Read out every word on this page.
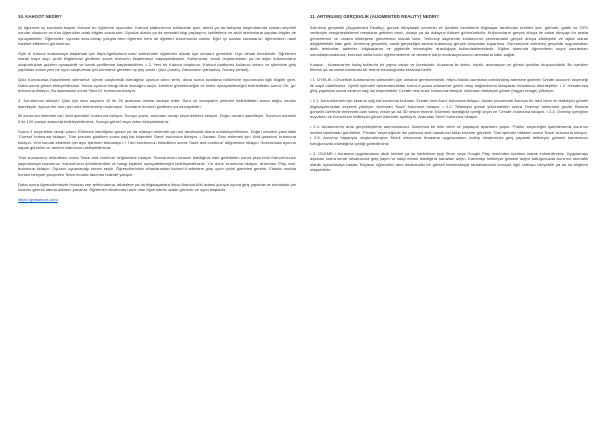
10. KAHOOT NEDİR?

İyi öğrenme iyi sorularla başlar. Kahoot bu öğrenme oyunudur. Kahoot platformunu kullanarak quiz, anket ya da tartışma başlımlarında çoktan seçmeli sorular oluşturur ve tüm öğrenciler ortak bilgiler sorusudur. Oyunlar dizisiz ya da mesafeli bilgi paylaşımı, tablletlerle ve akıllı telefonlarla yapılan bilgiler de oynayabilirler. Öğrenciler; oyunda soru-cevap yoluyla hem öğrenen hem de öğreten konumunda olurlar. Eğer iyi sorular sorarsanız, öğrencilerin nasıl hareket ettiklerini görürsünüz.

Öyle ki Kahoot kullanmaya başlamak için https://getkahoot.com/ adresinden öğretmen olarak üye olmanız gereklidir. Üye olmak ücretsizdir. Öğretmen olarak kayıt olup, profil bilgilerinizi girdikten sonra Kahoot'u keşfetmeye başlayabilirsiniz. Kullanıcılar, kendi oluşturdukları ya da diğer kullanıcıların oluşturdukları quizleri oynayabilir ve kendi profillerine kaydedebilirler. • 2. Yeni bir Kahoot oluşturun: Kahoot platformu kullanıcı adınız ve şifrenizle giriş yaptıktan sonra yeni bir oyun oluşturmak için kurmanız gereken üç şey vardır: Quiz (sınav), Discussion (tartışma), Survey (anket).

Quiz Konusunda Kaydetmek isterseniz: İçinde oluşturmak istediğiniz oyunun adını verin, daha sonra açıklama bölümüne oyununuzla ilgili bilgiler girin. Daha sonra görsel ekleyebilirsiniz. Sonra oyunun hangi dilde olacağını seçin, kimlerin görebileceğini ve kimin oynayabileceğini belirledikten sonra 'Ok, go' butonuna tıklayın. Bu aşamadan sonra 'New K!' butonuna tıklayın.

3. Sorularınızı ekleyin: Quiz için soru sayısını 10 ile 20 arasında olması tavsiye edilir. Soru ve cevapların yerlerini belirledikten sonra doğru cevabı işaretleyin. Ayrıca her soru için süre belirlemeyi unutmayın. Soruların tümünü girdikten sonra kaydedin.

İlk sorunuzu eklemek için 'Add question' butonuna tıklayın. Soruyu yazın, ardından cevap seçeneklerini ekleyin. Doğru cevabı işaretleyin. Sorunun süresini 5 ile 120 saniye arasında belirleyebilirsiniz. Soruya görsel veya video ekleyebilirsiniz.

Sonra 4 seçenekte cevap yazın. Eklemek istediğiniz görsel ya da videoyu eklemek için sol tarafındaki alana sürükleyebilirsiniz. Doğru cevabın yanındaki 'Correct' butonuna tıklayın. Tüm soruları girdikten sonra sağ üst köşedeki 'Save' butonuna tıklayın. • Dahası: Soru eklemek için 'Add question' butonuna tıklayın. Yeni sorular eklemek için aynı işlemleri tekrarlayın. • Tüm sorularınızı ekledikten sonra 'Save and continue' düğmesine tıklayın. Sonrasında oyunun kapak görselini ve tanıtım videosunu ekleyebilirsiniz.

Tüm sorularınızı ekledikten sonra 'Save and continue' düğmesine tıklayın. Sorularınızın sırasını istediğiniz hale getirdikten sonra yeşil renk Kahoot'unuzu yayınlamaya hazırsınız. Kahoot'umu yönetimindeki ve hangi kişilerin oynayabileceğini belirleyebilirsiniz. 'I'm done' butonuna tıklayın. Ardından 'Play now' butonuna tıklayın. Oyunun oynanacağı ekranı seçin. Öğrencilerinizin cihazlarından kahoot.it adresine girip oyun pinini girmeleri gerekir. Classic modda herkes bireysel yarışırken Team modda takımlar halinde yarışılır.

Daha sonra öğrencilerimizle bulunan cep telefonlarına, tabletlere ya da bilgisayarlara https://kahoot.it/#/ adresi yoluyla oyuna giriş yaparlar ve ekrandaki pin kodunu girerek takma adlarını yazarlar. Öğretmen ekranında hazır olan öğrencilerin adları görünür ve oyun başlatılır.

https://getkahoot.com/

11. ARTIRILMIŞ GERÇEKLİK (AUGMENTED REALITY) NEDİR?

Artırılmış gerçeklik (Augmented Reality), gerçek dünyadaki çevrenin ve içindeki nesnelerin bilgisayar tarafından üretilen ses, görüntü, grafik ve GPS verileriyle zenginleştirilerek meydana getirilen canlı, dolaylı ya da dolaysız fiziksel görünümüdür. Kullanıcıların gerçek dünya ile sanal dünyayı bir arada görmelerine ve onlarla etkileşime girmelerine olanak tanır. Teknoloji sayesinde kullanıcının çevresindeki gerçek dünya etkileşimli ve dijital olarak değiştirilebilir hale gelir. Artırılmış gerçeklik, sanal gerçekliğin aksine kullanıcıyı gerçek dünyadan koparmaz. Günümüzde artırılmış gerçeklik uygulamaları akıllı telefonlar, tabletler, bilgisayarlar ve giyilebilir teknolojiler aracılığıyla kullanılabilmektedir. Eğitim alanında öğrencilerin soyut kavramları somutlaştırmalarına, konuları daha kalıcı öğrenmelerine ve derslere karşı motivasyonlarının artmasına katkı sağlar.

Kısaca: - Aurasma'nın kolay kullanılır bir yapısı vardır ve ücretsizdir. Aurasma ile video, müzik, animasyon ve görsel içerikler oluşturulabilir. Bu içerikler telefon ya da tablet kamerası bir resme tutulduğunda ekranda belirir.

• 1. ÜYELİK • Öncelikle Aurasma'nın sitesinden üye olmanız gerekmektedir. https://studio.aurasma.com/landing adresine giderek 'Create account' seçeneği ile kayıt olabilirsiniz. Üyelik işlemleri tamamlandıktan sonra e-posta adresinize gelen onay bağlantısına tıklayarak hesabınızı etkinleştirin. • 2. Hesabınıza giriş yaptıktan sonra ekranın sağ üst köşesindeki 'Create new Aura' butonuna tıklayın. Ardından tetikleyici görsel (trigger image) yükleyin.

• 2.1. Aura eklemek için ekranın sağ üst kısmında bulunan 'Create new Aura' butonuna tıklayın. Açılan pencerede Aura'ya bir isim verin ve tetikleyici görseli bilgisayarınızdan seçerek yükleyin. Ardından 'Save' butonuna tıklayın. • 2.2. Tetikleyici görsel yüklendikten sonra 'Overlay' bölümüne geçilir. Burada görselin üzerinde belirecek olan video, resim ya da 3D nesne eklenir. Eklemek istediğiniz içeriği seçin ve 'Create' butonuna tıklayın. • 2.3. Overlay içeriğinin boyutunu ve konumunu tetikleyici görsel üzerinde ayarlayın. Ardından 'Next' butonuna tıklayın.

• 2.4. Aurasma'nın artık gerçekleştirme adımındasınız. Aura'nıza bir isim verin ve paylaşım ayarlarını yapın. 'Public' seçeneğini işaretlerseniz Aura'nız herkes tarafından görülebilir. 'Private' seçeneğinde ise yalnızca sizin kanalınızı takip edenler görebilir. Tüm işlemler bittikten sonra 'Save' butonuna tıklayın. • 2.5. Aura'nız başarıyla oluşturulmuştur. Mobil cihazınıza Aurasma uygulamasını indirip hesabınızla giriş yaparak tetikleyici görsele kameranızı tuttuğunuzda eklediğiniz içeriği görebilirsiniz.

• 3. İZLEME • Aurasma uygulamasını akıllı telefon ya da tabletinize App Store veya Google Play üzerinden ücretsiz olarak indirebilirsiniz. Uygulamayı açtıktan sonra kendi hesabınızla giriş yapın ve takip etmek istediğiniz kanalları seçin. Kamerayı tetikleyici görsele doğru tuttuğunuzda Aura'nız otomatik olarak oynatılmaya başlar. Böylece öğrenciler ders kitabındaki bir görseli telefonlarıyla taradıklarında konuyla ilgili videoyu izleyebilir ya da ek bilgilere ulaşabilirler.
